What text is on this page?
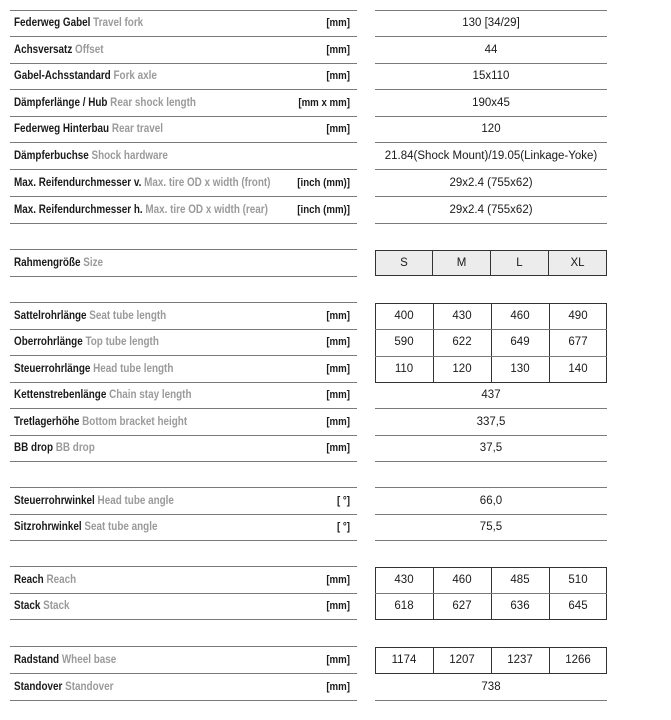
Federweg Gabel Travel fork	[mm]	130 [34/29]
Achsversatz Offset	[mm]	44
Gabel-Achsstandard Fork axle	[mm]	15x110
Dämpferlänge / Hub Rear shock length	[mm x mm]	190x45
Federweg Hinterbau Rear travel	[mm]	120
Dämpferbuchse Shock hardware	21.84(Shock Mount)/19.05(Linkage-Yoke)
Max. Reifendurchmesser v. Max. tire OD x width (front)	[inch (mm)]	29x2.4 (755x62)
Max. Reifendurchmesser h. Max. tire OD x width (rear)	[inch (mm)]	29x2.4 (755x62)
Rahmengröße Size	S	M	L	XL
Sattelrohrlänge Seat tube length	[mm]	400	430	460	490
Oberrohrlänge Top tube length	[mm]	590	622	649	677
Steuerrohrlänge Head tube length	[mm]	110	120	130	140
Kettenstrebenlänge Chain stay length	[mm]	437
Tretlagerhöhe Bottom bracket height	[mm]	337,5
BB drop BB drop	[mm]	37,5
Steuerrohrwinkel Head tube angle	[ °]	66,0
Sitzrohrwinkel Seat tube angle	[ °]	75,5
Reach Reach	[mm]	430	460	485	510
Stack Stack	[mm]	618	627	636	645
Radstand Wheel base	[mm]	1174	1207	1237	1266
Standover Standover	[mm]	738
